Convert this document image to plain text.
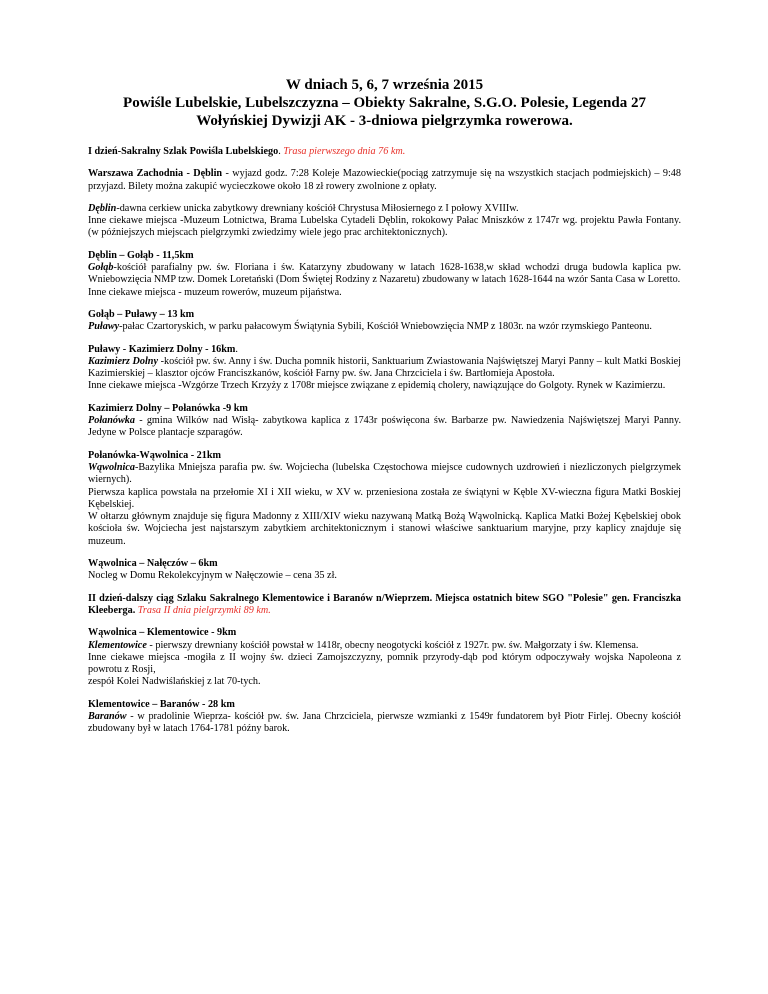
W dniach 5, 6, 7 września 2015
Powiśle Lubelskie, Lubelszczyzna – Obiekty Sakralne, S.G.O. Polesie, Legenda 27
Wołyńskiej Dywizji AK - 3-dniowa pielgrzymka rowerowa.
I dzień-Sakralny Szlak Powiśla Lubelskiego. Trasa pierwszego dnia 76 km.
Warszawa Zachodnia - Dęblin - wyjazd godz. 7:28 Koleje Mazowieckie(pociąg zatrzymuje się na wszystkich stacjach podmiejskich) – 9:48 przyjazd. Bilety można zakupić wycieczkowe około 18 zł rowery zwolnione z opłaty.

Dęblin-dawna cerkiew unicka zabytkowy drewniany kościół Chrystusa Miłosiernego z I połowy XVIIIw.

Inne ciekawe miejsca -Muzeum Lotnictwa, Brama Lubelska Cytadeli Dęblin, rokokowy Pałac Mniszków z 1747r wg. projektu Pawła Fontany.(w późniejszych miejscach pielgrzymki zwiedzimy wiele jego prac architektonicznych).

Dęblin – Gołąb - 11,5km

Gołąb-kościół parafialny pw. św. Floriana i św. Katarzyny zbudowany w latach 1628-1638,w skład wchodzi druga budowla kaplica pw. Wniebowzięcia NMP tzw. Domek Loretański (Dom Świętej Rodziny z Nazaretu) zbudowany w latach 1628-1644 na wzór Santa Casa w Loretto.

Inne ciekawe miejsca - muzeum rowerów, muzeum pijaństwa.

Gołąb – Puławy – 13 km

Puławy-pałac Czartoryskich, w parku pałacowym Świątynia Sybili, Kościół Wniebowzięcia NMP z 1803r. na wzór rzymskiego Panteonu.

Puławy - Kazimierz Dolny - 16km.

Kazimierz Dolny -kościół pw. św. Anny i św. Ducha pomnik historii, Sanktuarium Zwiastowania Najświętszej Maryi Panny – kult Matki Boskiej Kazimierskiej – klasztor ojców Franciszkanów, kościół Farny pw. św. Jana Chrzciciela i św. Bartłomieja Apostoła.

Inne ciekawe miejsca -Wzgórze Trzech Krzyży z 1708r miejsce związane z epidemią cholery, nawiązujące do Golgoty. Rynek w Kazimierzu.

Kazimierz Dolny – Połanówka -9 km

Połanówka - gmina Wilków nad Wisłą- zabytkowa kaplica z 1743r poświęcona św. Barbarze pw. Nawiedzenia Najświętszej Maryi Panny. Jedyne w Polsce plantacje szparagów.

Połanówka-Wąwolnica - 21km

Wąwolnica-Bazylika Mniejsza parafia pw. św. Wojciecha (lubelska Częstochowa miejsce cudownych uzdrowień i niezliczonych pielgrzymek wiernych).

Pierwsza kaplica powstała na przełomie XI i XII wieku, w XV w. przeniesiona została ze świątyni w Kęble XV-wieczna figura Matki Boskiej Kębelskiej.

W ołtarzu głównym znajduje się figura Madonny z XIII/XIV wieku nazywaną Matką Bożą Wąwolnicką. Kaplica Matki Bożej Kębelskiej obok kościoła św. Wojciecha jest najstarszym zabytkiem architektonicznym i stanowi właściwe sanktuarium maryjne, przy kaplicy znajduje się muzeum.

Wąwolnica – Nałęczów – 6km

Nocleg w Domu Rekolekcyjnym w Nałęczowie – cena 35 zł.

II dzień-dalszy ciąg Szlaku Sakralnego Klementowice i Baranów n/Wieprzem. Miejsca ostatnich bitew SGO "Polesie" gen. Franciszka Kleeberga. Trasa II dnia pielgrzymki 89 km.

Wąwolnica – Klementowice - 9km

Klementowice - pierwszy drewniany kościół powstał w 1418r, obecny neogotycki kościół z 1927r. pw. św. Małgorzaty i św. Klemensa.

Inne ciekawe miejsca -mogiła z II wojny św. dzieci Zamojszczyzny, pomnik przyrody-dąb pod którym odpoczywały wojska Napoleona z powrotu z Rosji,

zespół Kolei Nadwiślańskiej z lat 70-tych.

Klementowice – Baranów - 28 km

Baranów - w pradolinie Wieprza- kościół pw. św. Jana Chrzciciela, pierwsze wzmianki z 1549r fundatorem był Piotr Firlej. Obecny kościół zbudowany był w latach 1764-1781 późny barok.
